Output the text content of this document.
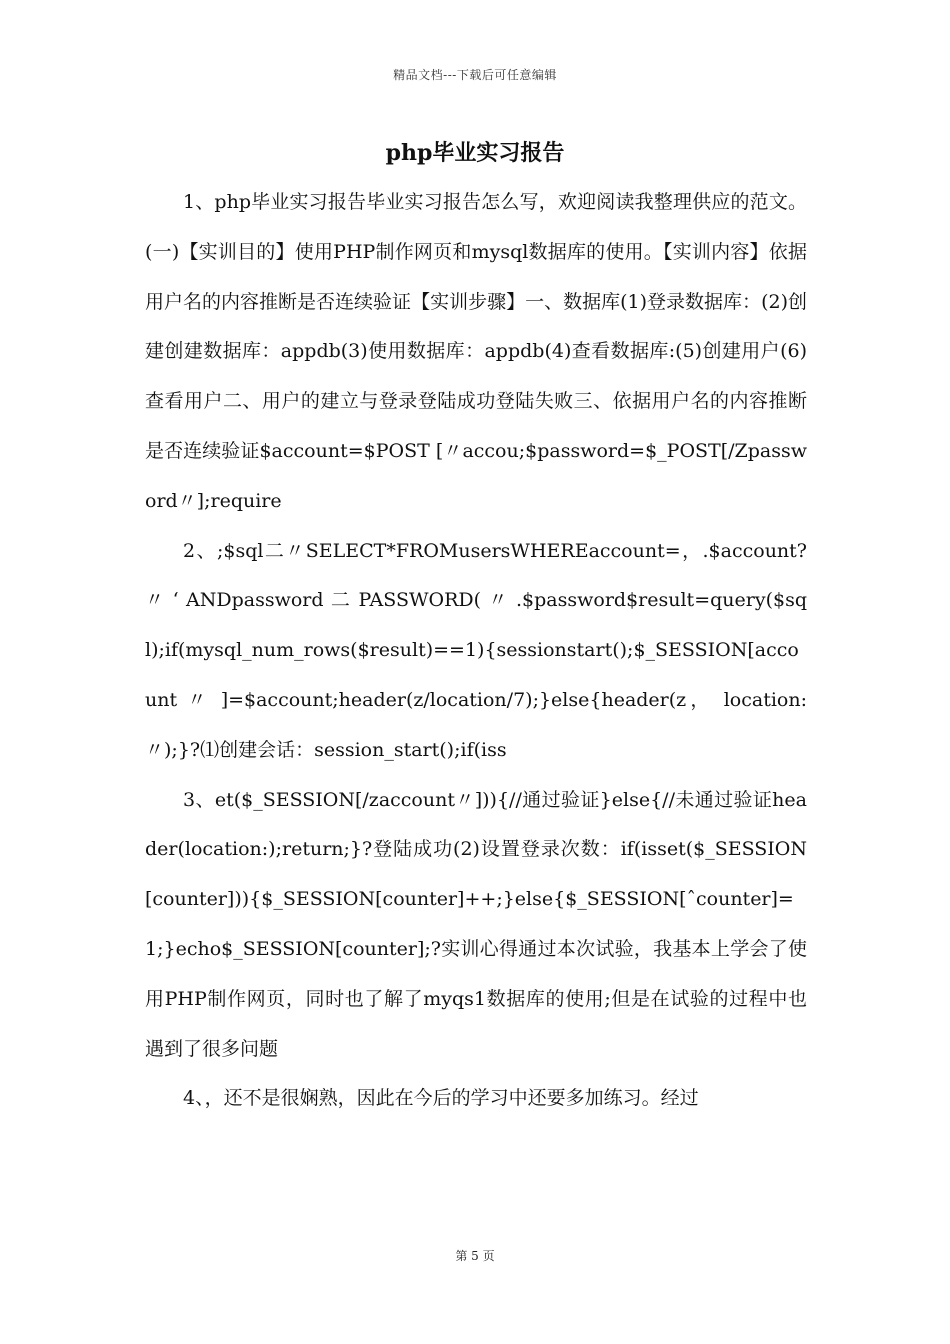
精品文档---下载后可任意编辑
php毕业实习报告

1、php毕业实习报告毕业实习报告怎么写，欢迎阅读我整理供应的范文。(一)【实训目的】使用PHP制作网页和mysql数据库的使用。【实训内容】依据用户名的内容推断是否连续验证【实训步骤】一、数据库(1)登录数据库：(2)创建创建数据库：appdb(3)使用数据库：appdb(4)查看数据库:(5)创建用户(6)查看用户二、用户的建立与登录登陆成功登陆失败三、依据用户名的内容推断是否连续验证$account=$POST [〃accou;$password=$_POST[/Zpassword〃];require

2、;$sql二〃SELECT*FROMusersWHEREaccount=，.$account?〃 ‘ ANDpassword 二 PASSWORD( 〃 .$password$result=query($sql);if(mysql_num_rows($result)==1){sessionstart();$_SESSION[account 〃 ]=$account;header(z/location/7);}else{header(z， location:〃);}?⑴创建会话：session_start();if(iss

3、et($_SESSION[/zaccount〃])){//通过验证}else{//未通过验证header(location:);return;}?登陆成功(2)设置登录次数：if(isset($_SESSION[counter])){$_SESSION[counter]++;}else{$_SESSION[ˆcounter]=1;}echo$_SESSION[counter];?实训心得通过本次试验，我基本上学会了使用PHP制作网页，同时也了解了myqs1数据库的使用;但是在试验的过程中也遇到了很多问题

4、，还不是很娴熟，因此在今后的学习中还要多加练习。经过

第 5 页
